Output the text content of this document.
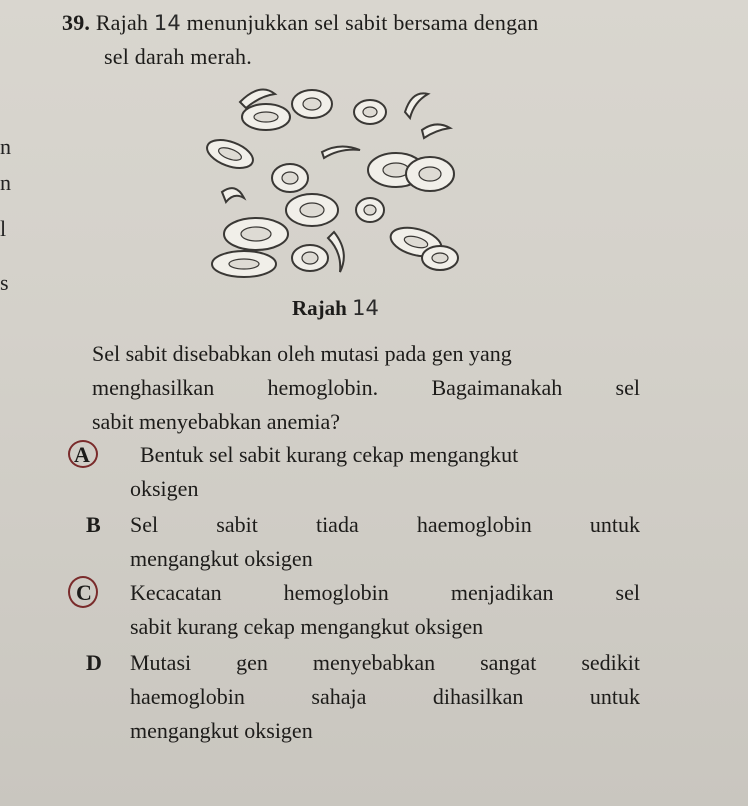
39. Rajah 14 menunjukkan sel sabit bersama dengan
sel darah merah.
n
n
l
s
Rajah 14
Sel sabit disebabkan oleh mutasi pada gen yang
menghasilkan hemoglobin. Bagaimanakah sel
sabit menyebabkan anemia?
A	Bentuk sel sabit kurang cekap mengangkut
oksigen
B	Sel sabit tiada haemoglobin untuk
mengangkut oksigen
C	Kecacatan hemoglobin menjadikan sel
sabit kurang cekap mengangkut oksigen
D	Mutasi gen menyebabkan sangat sedikit
haemoglobin sahaja dihasilkan untuk
mengangkut oksigen
